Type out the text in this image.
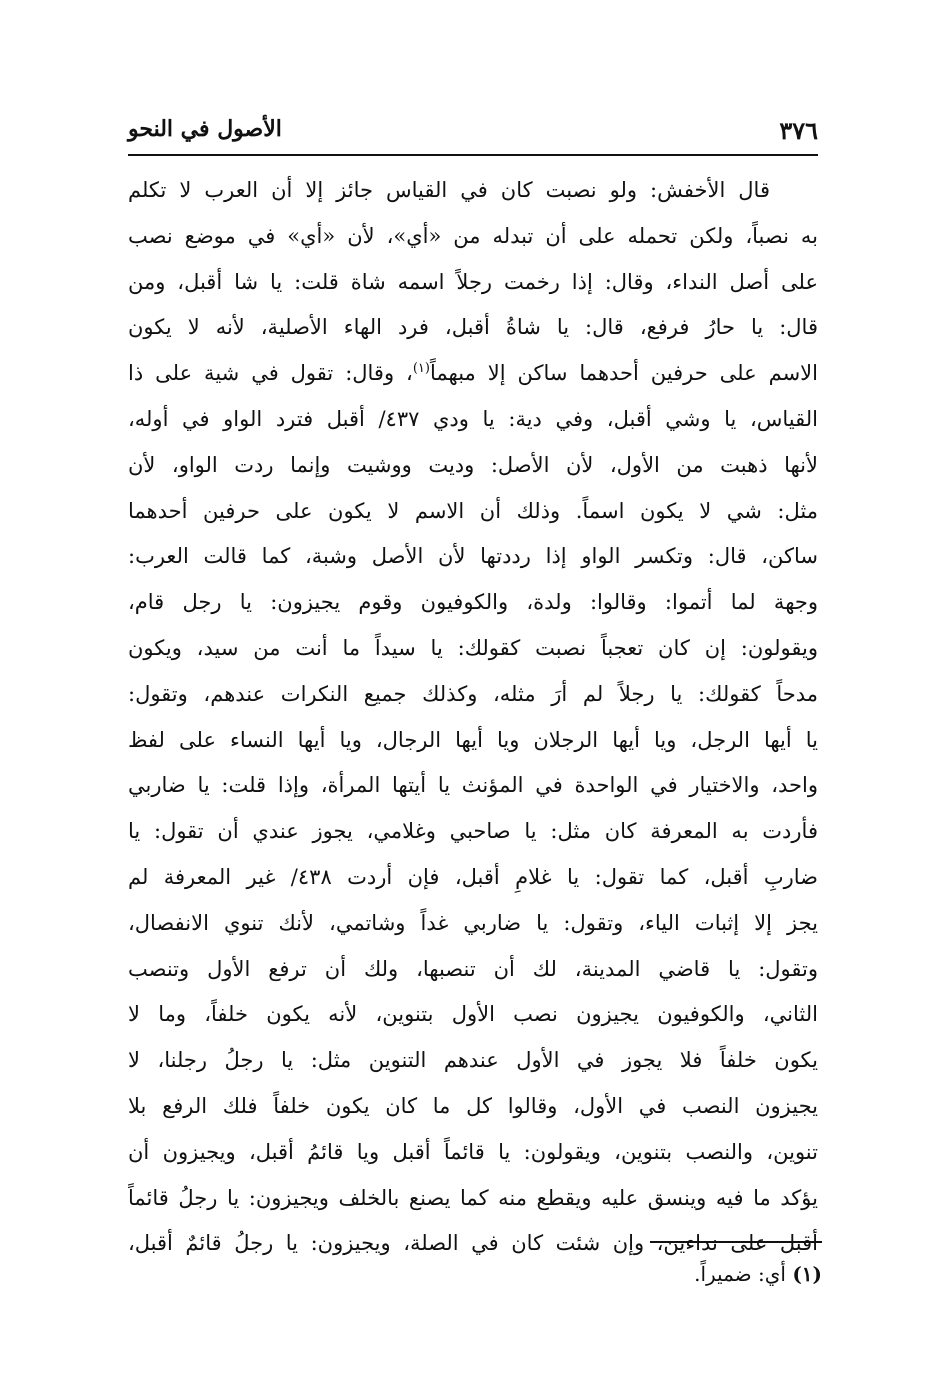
٣٧٦
الأصول في النحو
قال الأخفش: ولو نصبت كان في القياس جائز إلا أن العرب لا تكلم
به نصباً، ولكن تحمله على أن تبدله من «أي»، لأن «أي» في موضع نصب
على أصل النداء، وقال: إذا رخمت رجلاً اسمه شاة قلت: يا شا أقبل، ومن
قال: يا حارُ فرفع، قال: يا شاةُ أقبل، فرد الهاء الأصلية، لأنه لا يكون
الاسم على حرفين أحدهما ساكن إلا مبهماً$^{(١)}$، وقال: تقول في شية على ذا
القياس، يا وشي أقبل، وفي دية: يا ودي ٤٣٧/ أقبل فترد الواو في أوله،
لأنها ذهبت من الأول، لأن الأصل: وديت ووشيت وإنما ردت الواو، لأن
مثل: شي لا يكون اسماً. وذلك أن الاسم لا يكون على حرفين أحدهما
ساكن، قال: وتكسر الواو إذا رددتها لأن الأصل وشبة، كما قالت العرب:
وجهة لما أتموا: وقالوا: ولدة، والكوفيون وقوم يجيزون: يا رجل قام،
ويقولون: إن كان تعجباً نصبت كقولك: يا سيداً ما أنت من سيد، ويكون
مدحاً كقولك: يا رجلاً لم أرَ مثله، وكذلك جميع النكرات عندهم، وتقول:
يا أيها الرجل، ويا أيها الرجلان ويا أيها الرجال، ويا أيها النساء على لفظ
واحد، والاختيار في الواحدة في المؤنث يا أيتها المرأة، وإذا قلت: يا ضاربي
فأردت به المعرفة كان مثل: يا صاحبي وغلامي، يجوز عندي أن تقول: يا
ضاربِ أقبل، كما تقول: يا غلامِ أقبل، فإن أردت ٤٣٨/ غير المعرفة لم
يجز إلا إثبات الياء، وتقول: يا ضاربي غداً وشاتمي، لأنك تنوي الانفصال،
وتقول: يا قاضي المدينة، لك أن تنصبها، ولك أن ترفع الأول وتنصب
الثاني، والكوفيون يجيزون نصب الأول بتنوين، لأنه يكون خلفاً، وما لا
يكون خلفاً فلا يجوز في الأول عندهم التنوين مثل: يا رجلُ رجلنا، لا
يجيزون النصب في الأول، وقالوا كل ما كان يكون خلفاً فلك الرفع بلا
تنوين، والنصب بتنوين، ويقولون: يا قائماً أقبل ويا قائمُ أقبل، ويجيزون أن
يؤكد ما فيه وينسق عليه ويقطع منه كما يصنع بالخلف ويجيزون: يا رجلُ قائماً
أقبل على نداءين، وإن شئت كان في الصلة، ويجيزون: يا رجلُ قائمٌ أقبل،
(١) أي: ضميراً.
